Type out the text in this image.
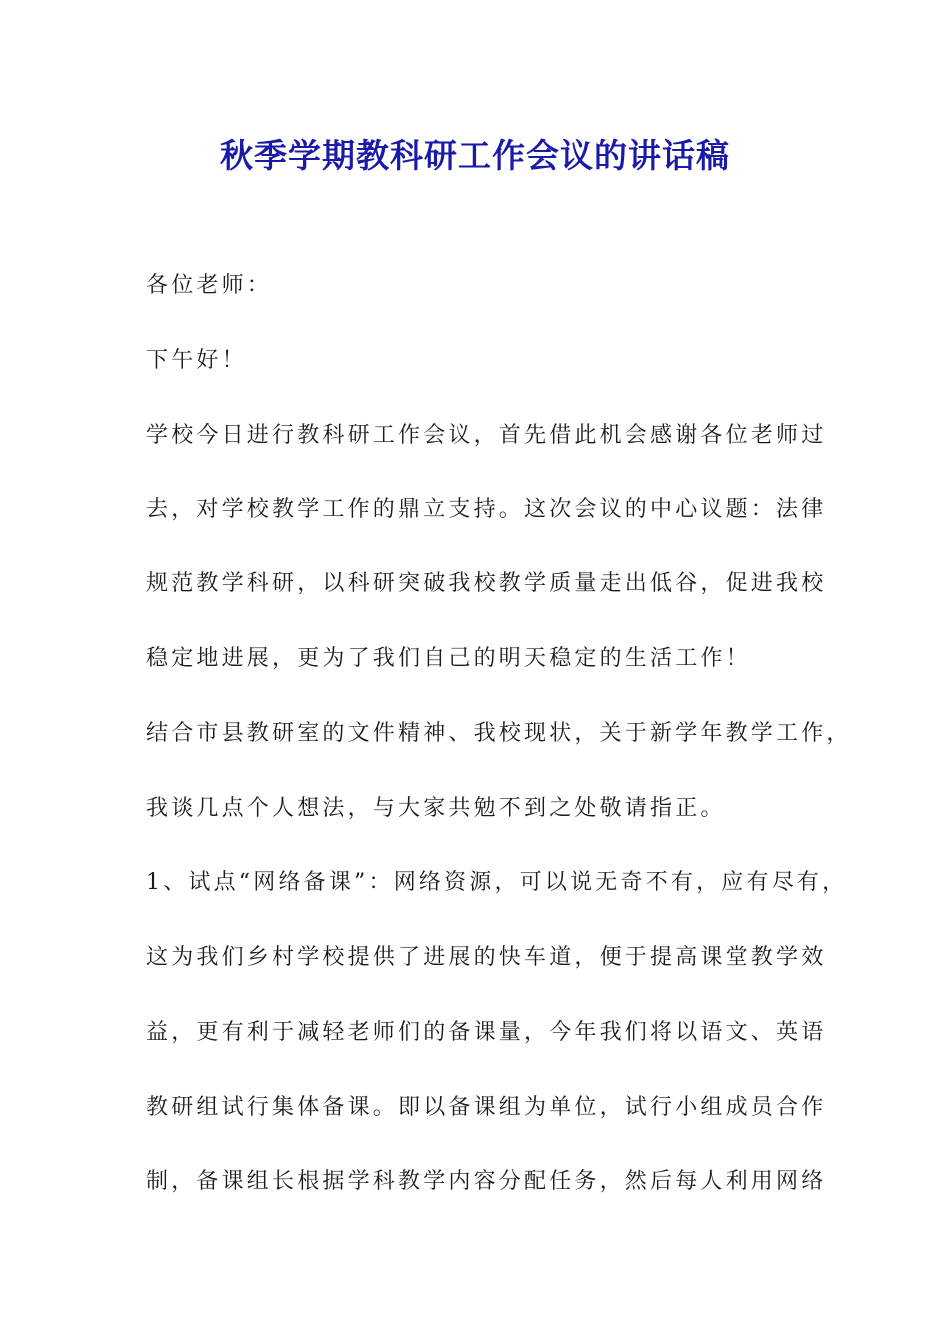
秋季学期教科研工作会议的讲话稿

各位老师：

下午好！

学校今日进行教科研工作会议，首先借此机会感谢各位老师过

去，对学校教学工作的鼎立支持。这次会议的中心议题：法律

规范教学科研，以科研突破我校教学质量走出低谷，促进我校

稳定地进展，更为了我们自己的明天稳定的生活工作！

结合市县教研室的文件精神、我校现状，关于新学年教学工作，

我谈几点个人想法，与大家共勉不到之处敬请指正。

1、试点“网络备课”：网络资源，可以说无奇不有，应有尽有，

这为我们乡村学校提供了进展的快车道，便于提高课堂教学效

益，更有利于减轻老师们的备课量，今年我们将以语文、英语

教研组试行集体备课。即以备课组为单位，试行小组成员合作

制，备课组长根据学科教学内容分配任务，然后每人利用网络
